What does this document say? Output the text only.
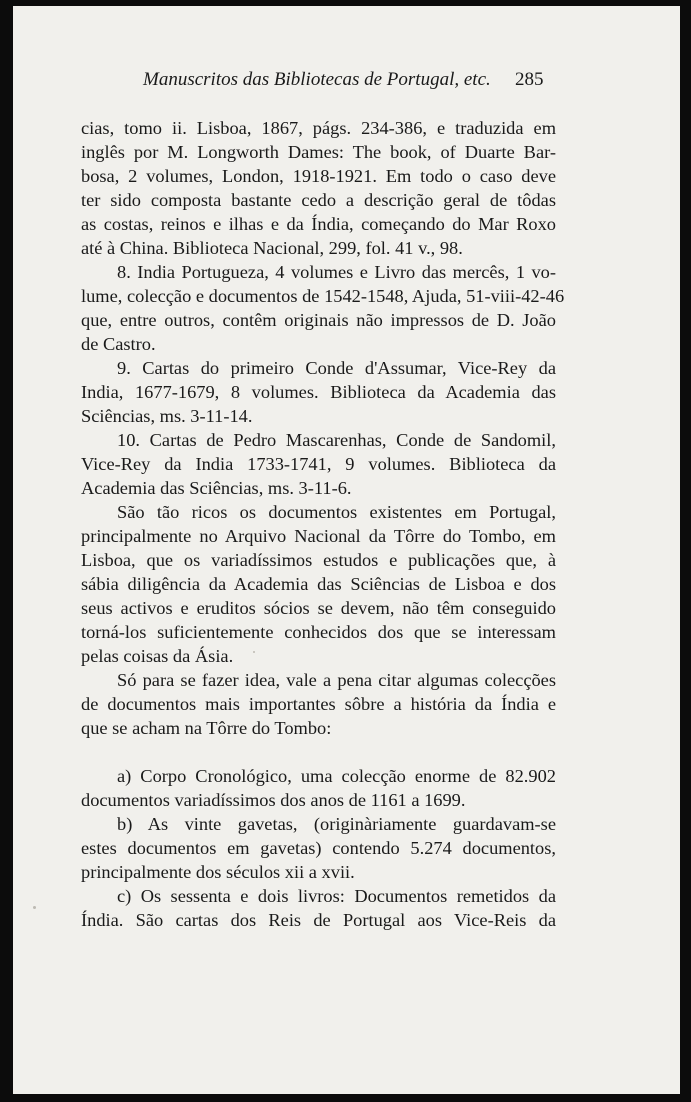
Manuscritos das Bibliotecas de Portugal, etc. 285
cias, tomo ii. Lisboa, 1867, págs. 234-386, e traduzida em
inglês por M. Longworth Dames: The book, of Duarte Bar-
bosa, 2 volumes, London, 1918-1921. Em todo o caso deve
ter sido composta bastante cedo a descrição geral de tôdas
as costas, reinos e ilhas e da Índia, começando do Mar Roxo
até à China. Biblioteca Nacional, 299, fol. 41 v., 98.
8. India Portugueza, 4 volumes e Livro das mercês, 1 vo-
lume, colecção e documentos de 1542-1548, Ajuda, 51-viii-42-46
que, entre outros, contêm originais não impressos de D. João
de Castro.
9. Cartas do primeiro Conde d'Assumar, Vice-Rey da
India, 1677-1679, 8 volumes. Biblioteca da Academia das
Sciências, ms. 3-11-14.
10. Cartas de Pedro Mascarenhas, Conde de Sandomil,
Vice-Rey da India 1733-1741, 9 volumes. Biblioteca da
Academia das Sciências, ms. 3-11-6.
São tão ricos os documentos existentes em Portugal,
principalmente no Arquivo Nacional da Tôrre do Tombo, em
Lisboa, que os variadíssimos estudos e publicações que, à
sábia diligência da Academia das Sciências de Lisboa e dos
seus activos e eruditos sócios se devem, não têm conseguido
torná-los suficientemente conhecidos dos que se interessam
pelas coisas da Ásia.
Só para se fazer idea, vale a pena citar algumas colecções
de documentos mais importantes sôbre a história da Índia e
que se acham na Tôrre do Tombo:
a) Corpo Cronológico, uma colecção enorme de 82.902
documentos variadíssimos dos anos de 1161 a 1699.
b) As vinte gavetas, (originàriamente guardavam-se
estes documentos em gavetas) contendo 5.274 documentos,
principalmente dos séculos xii a xvii.
c) Os sessenta e dois livros: Documentos remetidos da
Índia. São cartas dos Reis de Portugal aos Vice-Reis da
